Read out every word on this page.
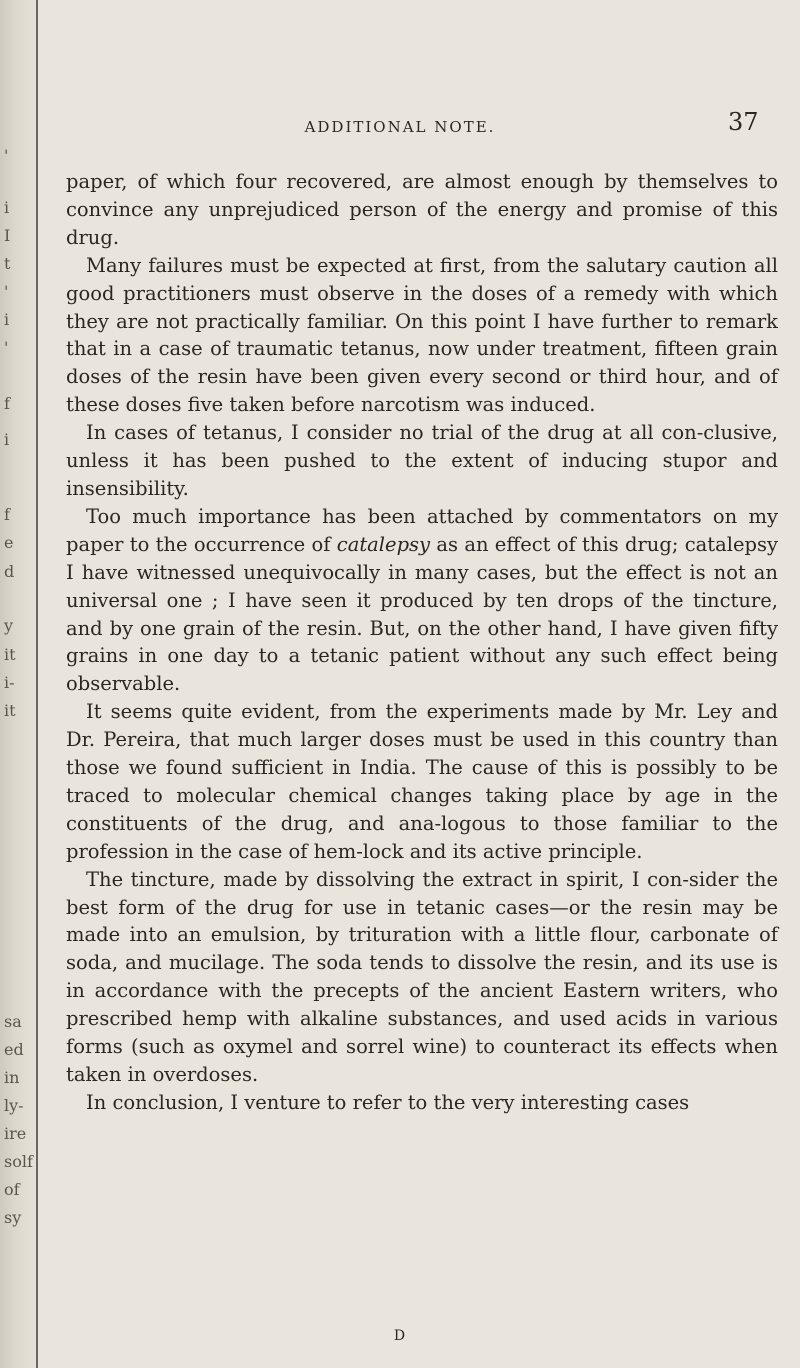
'
i
I
t
'
i
'
f
i
f
e
d
y
it
i-
it
sa
ed
in
ly-
ire
solf
of
sy
ADDITIONAL NOTE.	37

paper, of which four recovered, are almost enough by themselves to convince any unprejudiced person of the energy and promise of this drug.

Many failures must be expected at first, from the salutary caution all good practitioners must observe in the doses of a remedy with which they are not practically familiar. On this point I have further to remark that in a case of traumatic tetanus, now under treatment, fifteen grain doses of the resin have been given every second or third hour, and of these doses five taken before narcotism was induced.

In cases of tetanus, I consider no trial of the drug at all con-clusive, unless it has been pushed to the extent of inducing stupor and insensibility.

Too much importance has been attached by commentators on my paper to the occurrence of catalepsy as an effect of this drug; catalepsy I have witnessed unequivocally in many cases, but the effect is not an universal one ; I have seen it produced by ten drops of the tincture, and by one grain of the resin. But, on the other hand, I have given fifty grains in one day to a tetanic patient without any such effect being observable.

It seems quite evident, from the experiments made by Mr. Ley and Dr. Pereira, that much larger doses must be used in this country than those we found sufficient in India. The cause of this is possibly to be traced to molecular chemical changes taking place by age in the constituents of the drug, and ana-logous to those familiar to the profession in the case of hem-lock and its active principle.

The tincture, made by dissolving the extract in spirit, I con-sider the best form of the drug for use in tetanic cases—or the resin may be made into an emulsion, by trituration with a little flour, carbonate of soda, and mucilage. The soda tends to dissolve the resin, and its use is in accordance with the precepts of the ancient Eastern writers, who prescribed hemp with alkaline substances, and used acids in various forms (such as oxymel and sorrel wine) to counteract its effects when taken in overdoses.

In conclusion, I venture to refer to the very interesting cases

D
